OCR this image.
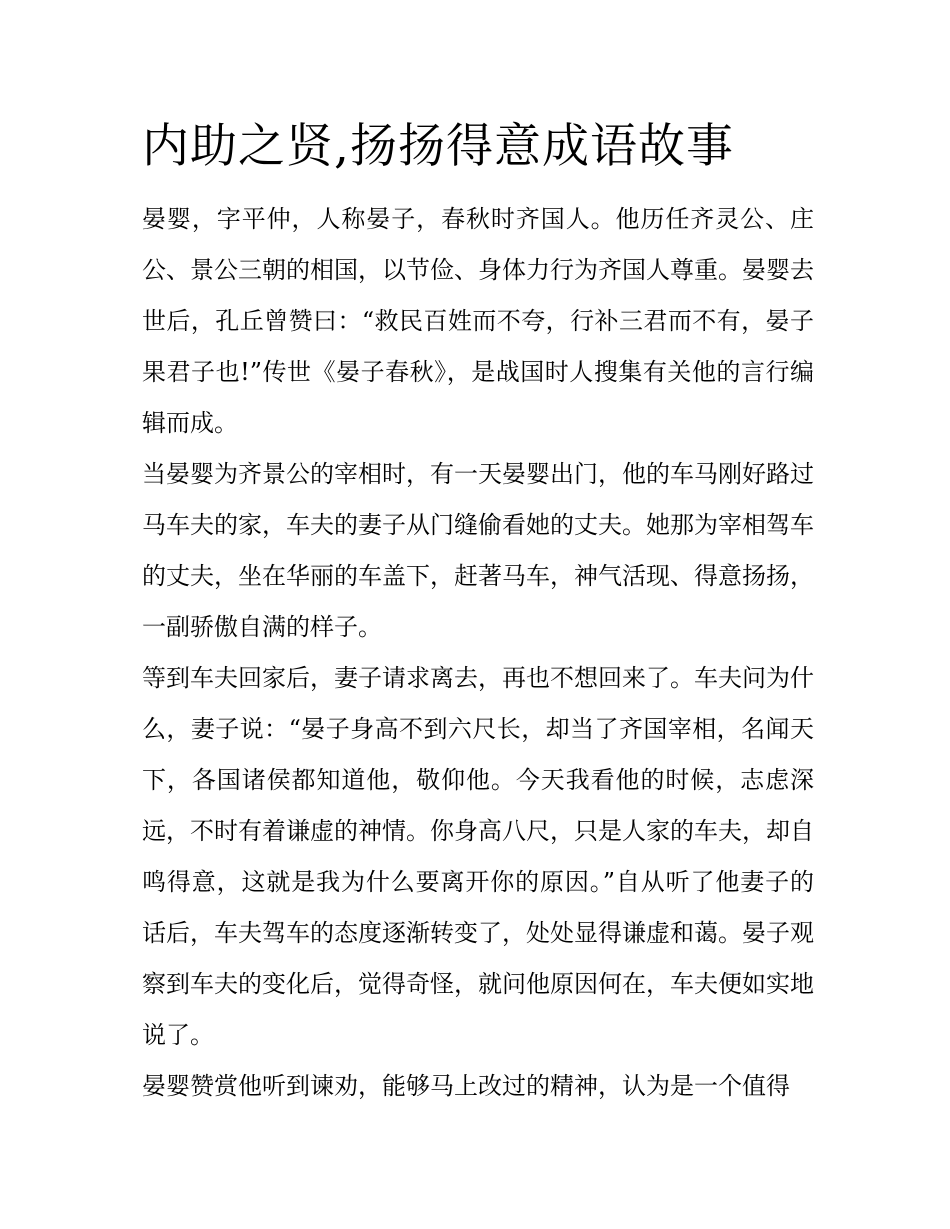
内助之贤,扬扬得意成语故事

晏婴，字平仲，人称晏子，春秋时齐国人。他历任齐灵公、庄公、景公三朝的相国，以节俭、身体力行为齐国人尊重。晏婴去世后，孔丘曾赞曰：“救民百姓而不夸，行补三君而不有，晏子果君子也!”传世《晏子春秋》，是战国时人搜集有关他的言行编辑而成。

当晏婴为齐景公的宰相时，有一天晏婴出门，他的车马刚好路过马车夫的家，车夫的妻子从门缝偷看她的丈夫。她那为宰相驾车的丈夫，坐在华丽的车盖下，赶著马车，神气活现、得意扬扬，一副骄傲自满的样子。

等到车夫回家后，妻子请求离去，再也不想回来了。车夫问为什么，妻子说：“晏子身高不到六尺长，却当了齐国宰相，名闻天下，各国诸侯都知道他，敬仰他。今天我看他的时候，志虑深远，不时有着谦虚的神情。你身高八尺，只是人家的车夫，却自鸣得意，这就是我为什么要离开你的原因。”自从听了他妻子的话后，车夫驾车的态度逐渐转变了，处处显得谦虚和蔼。晏子观察到车夫的变化后，觉得奇怪，就问他原因何在，车夫便如实地说了。

晏婴赞赏他听到谏劝，能够马上改过的精神，认为是一个值得
